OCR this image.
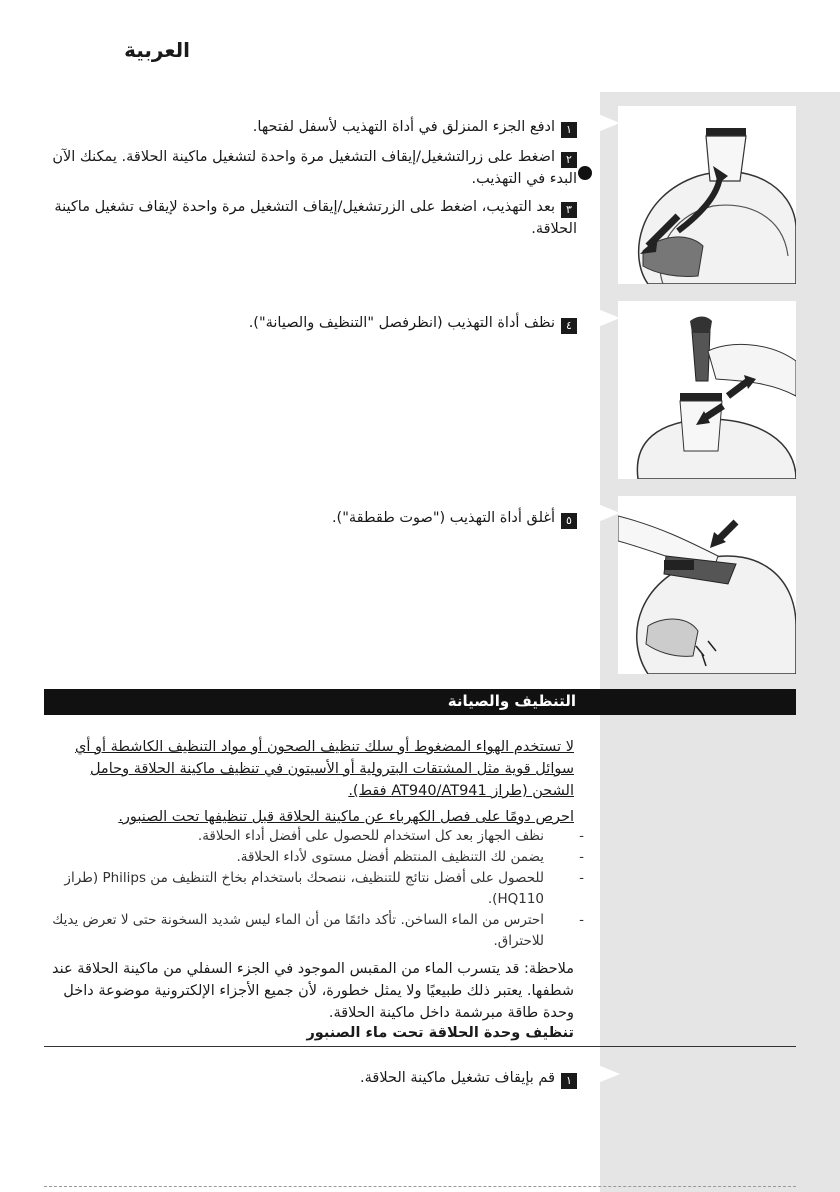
العربية
١ادفع الجزء المنزلق في أداة التهذيب لأسفل لفتحها.
٢اضغط على زرالتشغيل/إيقاف التشغيل مرة واحدة لتشغيل ماكينة الحلاقة. يمكنك الآن البدء في التهذيب.
٣بعد التهذيب، اضغط على الزرتشغيل/إيقاف التشغيل مرة واحدة لإيقاف تشغيل ماكينة الحلاقة.
٤نظف أداة التهذيب (انظرفصل "التنظيف والصيانة").
٥أغلق أداة التهذيب ("صوت طقطقة").
التنظيف والصيانة
لا تستخدم الهواء المضغوط أو سلك تنظيف الصحون أو مواد التنظيف الكاشطة أو أي سوائل قوية مثل المشتقات البترولية أو الأسيتون في تنظيف ماكينة الحلاقة وحامل الشحن (طراز AT940/AT941 فقط).
احرص دومًا على فصل الكهرباء عن ماكينة الحلاقة قبل تنظيفها تحت الصنبور.
-
نظف الجهاز بعد كل استخدام للحصول على أفضل أداء الحلاقة.
-
يضمن لك التنظيف المنتظم أفضل مستوى لأداء الحلاقة.
-
للحصول على أفضل نتائج للتنظيف، ننصحك باستخدام بخاخ التنظيف من Philips (طراز HQ110).
-
احترس من الماء الساخن. تأكد دائمًا من أن الماء ليس شديد السخونة حتى لا تعرض يديك للاحتراق.
ملاحظة: قد يتسرب الماء من المقبس الموجود في الجزء السفلي من ماكينة الحلاقة عند شطفها. يعتبر ذلك طبيعيًا ولا يمثل خطورة، لأن جميع الأجزاء الإلكترونية موضوعة داخل وحدة طاقة مبرشمة داخل ماكينة الحلاقة.
تنظيف وحدة الحلاقة تحت ماء الصنبور
١قم بإيقاف تشغيل ماكينة الحلاقة.
